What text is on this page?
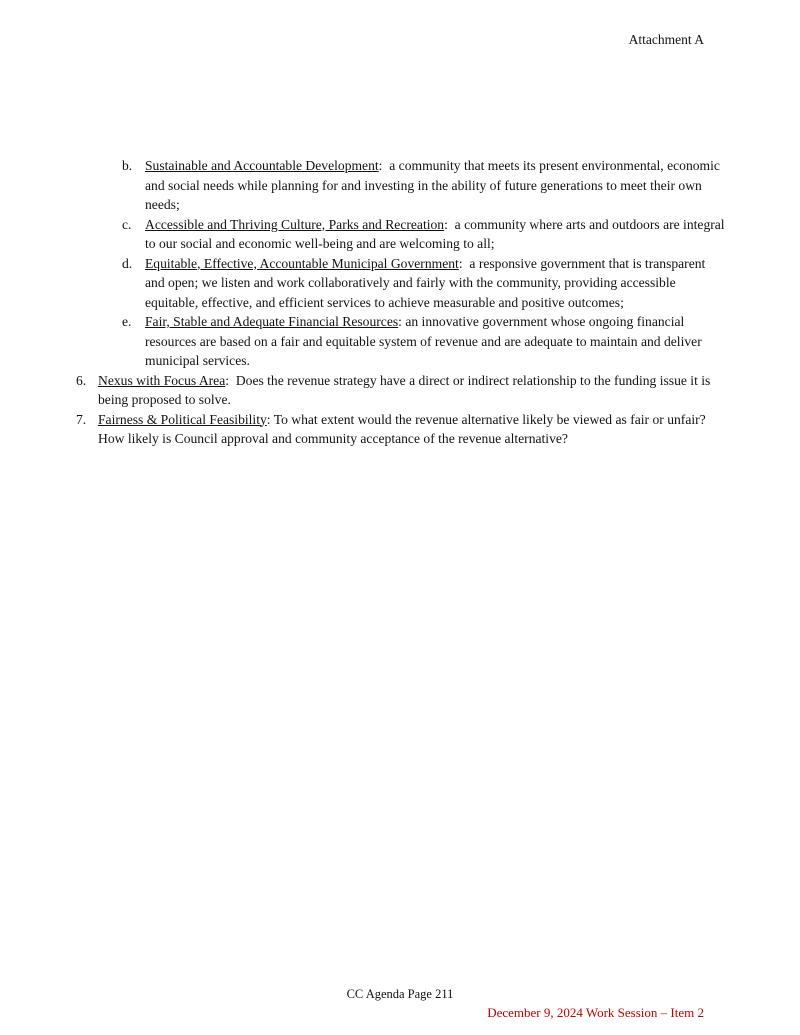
Attachment A
b. Sustainable and Accountable Development:  a community that meets its present environmental, economic and social needs while planning for and investing in the ability of future generations to meet their own needs;
c. Accessible and Thriving Culture, Parks and Recreation:  a community where arts and outdoors are integral to our social and economic well-being and are welcoming to all;
d. Equitable, Effective, Accountable Municipal Government:  a responsive government that is transparent and open; we listen and work collaboratively and fairly with the community, providing accessible equitable, effective, and efficient services to achieve measurable and positive outcomes;
e. Fair, Stable and Adequate Financial Resources: an innovative government whose ongoing financial resources are based on a fair and equitable system of revenue and are adequate to maintain and deliver municipal services.
6. Nexus with Focus Area:  Does the revenue strategy have a direct or indirect relationship to the funding issue it is being proposed to solve.
7. Fairness & Political Feasibility: To what extent would the revenue alternative likely be viewed as fair or unfair? How likely is Council approval and community acceptance of the revenue alternative?
CC Agenda Page 211
December 9, 2024 Work Session – Item 2
